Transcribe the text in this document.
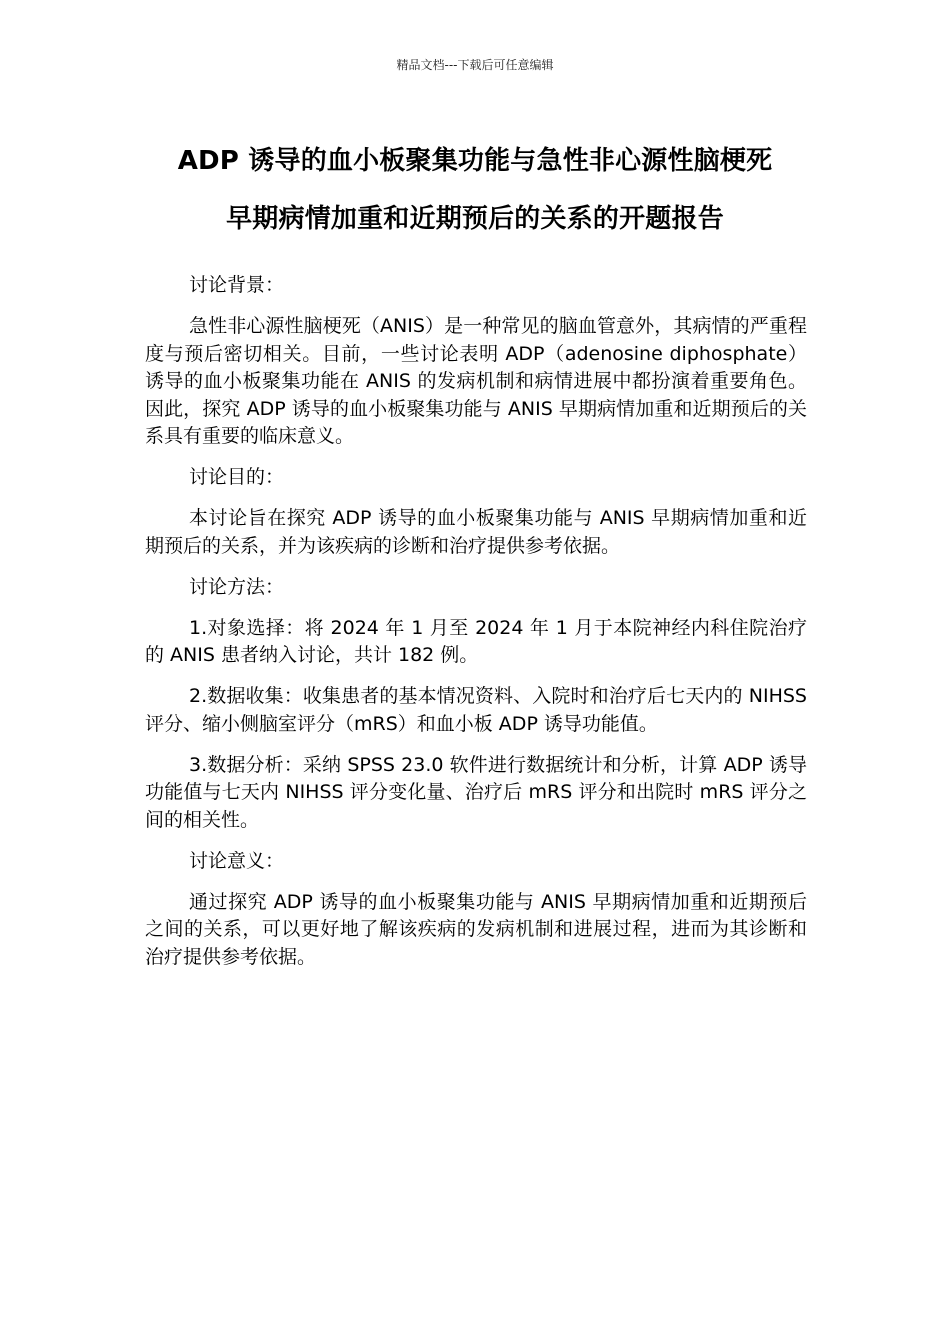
精品文档---下载后可任意编辑
ADP 诱导的血小板聚集功能与急性非心源性脑梗死
早期病情加重和近期预后的关系的开题报告

讨论背景：

急性非心源性脑梗死（ANIS）是一种常见的脑血管意外，其病情的严重程度与预后密切相关。目前，一些讨论表明 ADP（adenosine diphosphate）诱导的血小板聚集功能在 ANIS 的发病机制和病情进展中都扮演着重要角色。因此，探究 ADP 诱导的血小板聚集功能与 ANIS 早期病情加重和近期预后的关系具有重要的临床意义。

讨论目的：

本讨论旨在探究 ADP 诱导的血小板聚集功能与 ANIS 早期病情加重和近期预后的关系，并为该疾病的诊断和治疗提供参考依据。

讨论方法：

1.对象选择：将 2024 年 1 月至 2024 年 1 月于本院神经内科住院治疗的 ANIS 患者纳入讨论，共计 182 例。

2.数据收集：收集患者的基本情况资料、入院时和治疗后七天内的 NIHSS 评分、缩小侧脑室评分（mRS）和血小板 ADP 诱导功能值。

3.数据分析：采纳 SPSS 23.0 软件进行数据统计和分析，计算 ADP 诱导功能值与七天内 NIHSS 评分变化量、治疗后 mRS 评分和出院时 mRS 评分之间的相关性。

讨论意义：

通过探究 ADP 诱导的血小板聚集功能与 ANIS 早期病情加重和近期预后之间的关系，可以更好地了解该疾病的发病机制和进展过程，进而为其诊断和治疗提供参考依据。
